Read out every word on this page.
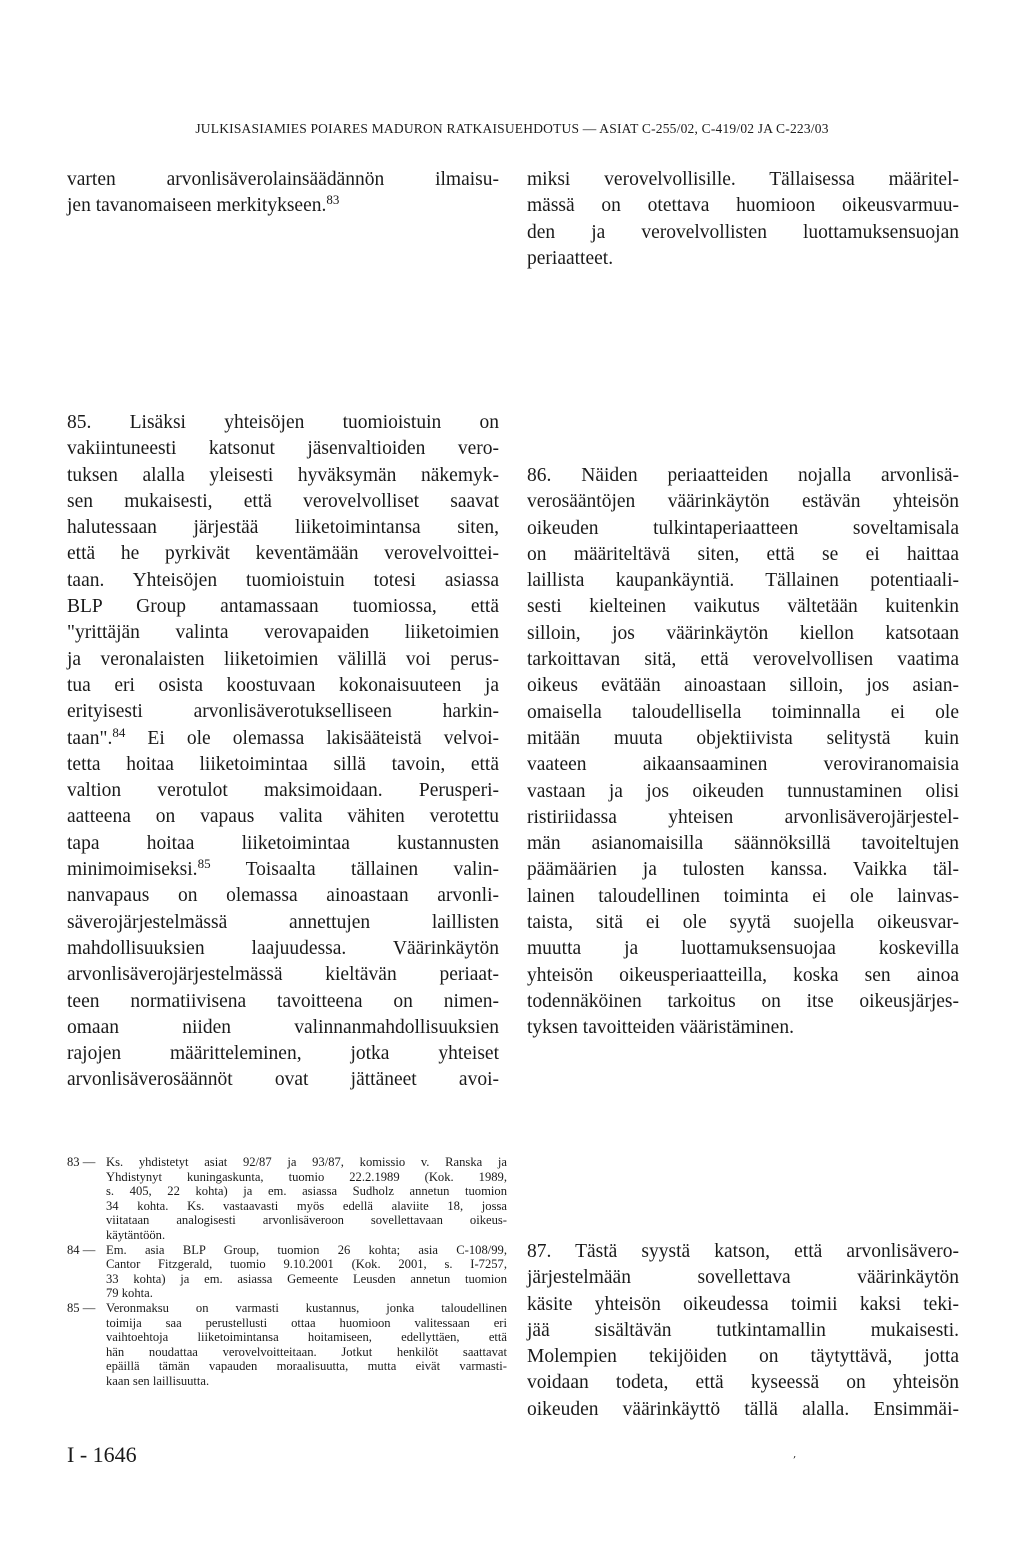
JULKISASIAMIES POIARES MADURON RATKAISUEHDOTUS — ASIAT C-255/02, C-419/02 JA C-223/03
varten arvonlisäverolainsäädännön ilmaisu-
jen tavanomaiseen merkitykseen.$^{83}$
miksi verovelvollisille. Tällaisessa määritel-
mässä on otettava huomioon oikeusvarmuu-
den ja verovelvollisten luottamuksensuojan
periaatteet.
85. Lisäksi yhteisöjen tuomioistuin on
vakiintuneesti katsonut jäsenvaltioiden vero-
tuksen alalla yleisesti hyväksymän näkemyk-
sen mukaisesti, että verovelvolliset saavat
halutessaan järjestää liiketoimintansa siten,
että he pyrkivät keventämään verovelvoittei-
taan. Yhteisöjen tuomioistuin totesi asiassa
BLP Group antamassaan tuomiossa, että
"yrittäjän valinta verovapaiden liiketoimien
ja veronalaisten liiketoimien välillä voi perus-
tua eri osista koostuvaan kokonaisuuteen ja
erityisesti arvonlisäverotukselliseen harkin-
taan".$^{84}$ Ei ole olemassa lakisääteistä velvoi-
tetta hoitaa liiketoimintaa sillä tavoin, että
valtion verotulot maksimoidaan. Perusperi-
aatteena on vapaus valita vähiten verotettu
tapa hoitaa liiketoimintaa kustannusten
minimoimiseksi.$^{85}$ Toisaalta tällainen valin-
nanvapaus on olemassa ainoastaan arvonli-
säverojärjestelmässä annettujen laillisten
mahdollisuuksien laajuudessa. Väärinkäytön
arvonlisäverojärjestelmässä kieltävän periaat-
teen normatiivisena tavoitteena on nimen-
omaan niiden valinnanmahdollisuuksien
rajojen määritteleminen, jotka yhteiset
arvonlisäverosäännöt ovat jättäneet avoi-
86. Näiden periaatteiden nojalla arvonlisä-
verosääntöjen väärinkäytön estävän yhteisön
oikeuden tulkintaperiaatteen soveltamisala
on määriteltävä siten, että se ei haittaa
laillista kaupankäyntiä. Tällainen potentiaali-
sesti kielteinen vaikutus vältetään kuitenkin
silloin, jos väärinkäytön kiellon katsotaan
tarkoittavan sitä, että verovelvollisen vaatima
oikeus evätään ainoastaan silloin, jos asian-
omaisella taloudellisella toiminnalla ei ole
mitään muuta objektiivista selitystä kuin
vaateen aikaansaaminen veroviranomaisia
vastaan ja jos oikeuden tunnustaminen olisi
ristiriidassa yhteisen arvonlisäverojärjestel-
män asianomaisilla säännöksillä tavoiteltujen
päämäärien ja tulosten kanssa. Vaikka täl-
lainen taloudellinen toiminta ei ole lainvas-
taista, sitä ei ole syytä suojella oikeusvar-
muutta ja luottamuksensuojaa koskevilla
yhteisön oikeusperiaatteilla, koska sen ainoa
todennäköinen tarkoitus on itse oikeusjärjes-
tyksen tavoitteiden vääristäminen.
87. Tästä syystä katson, että arvonlisävero-
järjestelmään sovellettava väärinkäytön
käsite yhteisön oikeudessa toimii kaksi teki-
jää sisältävän tutkintamallin mukaisesti.
Molempien tekijöiden on täytyttävä, jotta
voidaan todeta, että kyseessä on yhteisön
oikeuden väärinkäyttö tällä alalla. Ensimmäi-
83 — Ks. yhdistetyt asiat 92/87 ja 93/87, komissio v. Ranska ja
Yhdistynyt kuningaskunta, tuomio 22.2.1989 (Kok. 1989,
s. 405, 22 kohta) ja em. asiassa Sudholz annetun tuomion
34 kohta. Ks. vastaavasti myös edellä alaviite 18, jossa
viitataan analogisesti arvonlisäveroon sovellettavaan oikeus-
käytäntöön.
84 — Em. asia BLP Group, tuomion 26 kohta; asia C-108/99,
Cantor Fitzgerald, tuomio 9.10.2001 (Kok. 2001, s. I-7257,
33 kohta) ja em. asiassa Gemeente Leusden annetun tuomion
79 kohta.
85 — Veronmaksu on varmasti kustannus, jonka taloudellinen
toimija saa perustellusti ottaa huomioon valitessaan eri
vaihtoehtoja liiketoimintansa hoitamiseen, edellyttäen, että
hän noudattaa verovelvoitteitaan. Jotkut henkilöt saattavat
epäillä tämän vapauden moraalisuutta, mutta eivät varmasti-
kaan sen laillisuutta.
I - 1646	‚
